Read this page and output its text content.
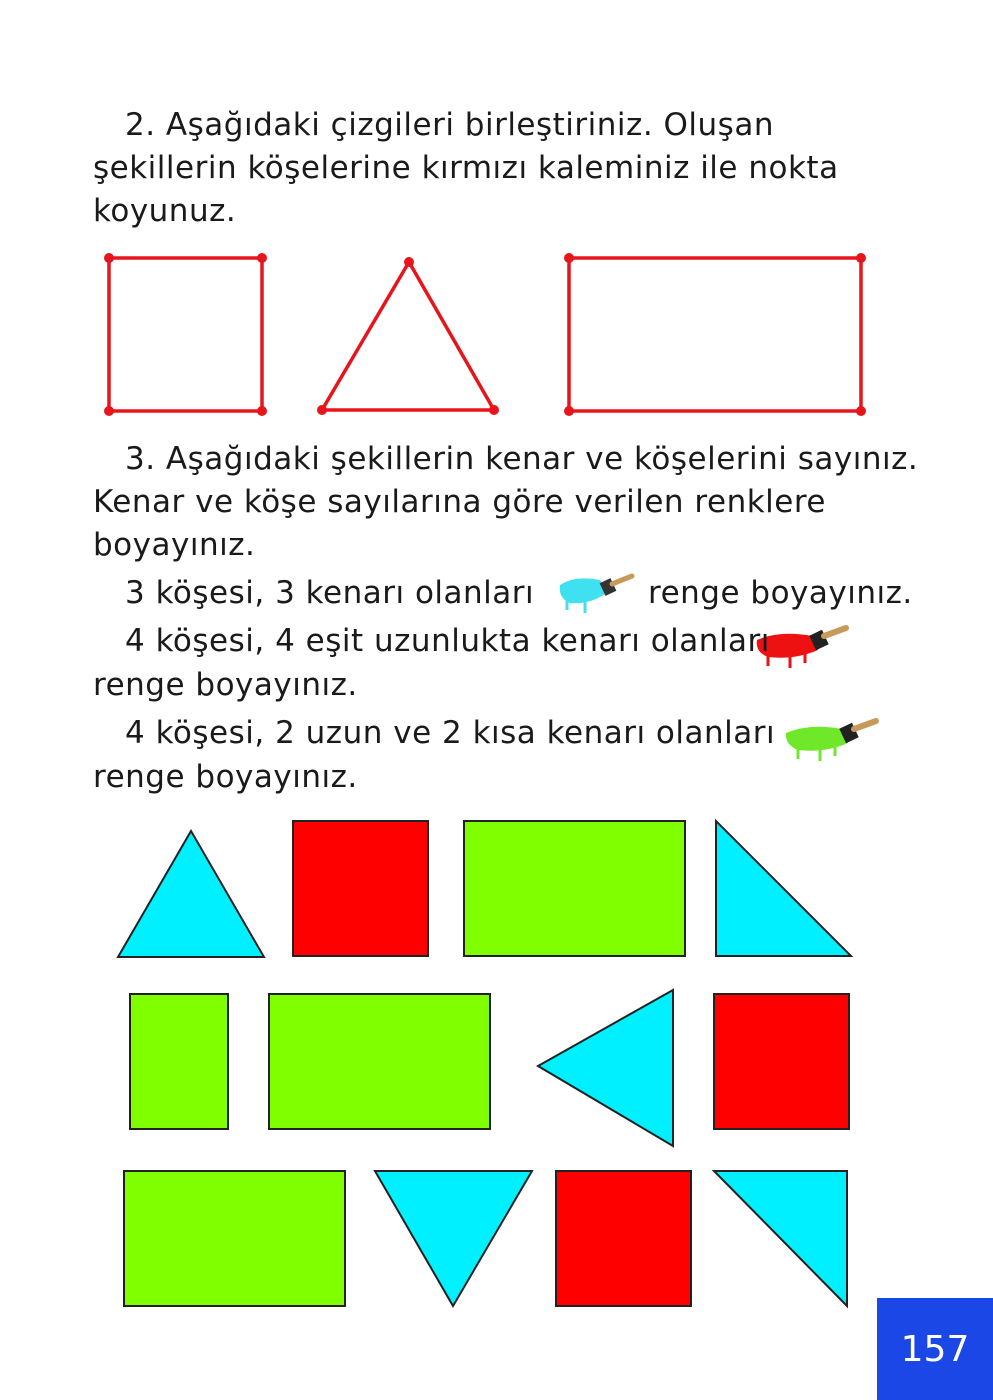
2. Aşağıdaki çizgileri birleştiriniz. Oluşan
şekillerin köşelerine kırmızı kaleminiz ile nokta
koyunuz.
3. Aşağıdaki şekillerin kenar ve köşelerini sayınız.
Kenar ve köşe sayılarına göre verilen renklere
boyayınız.
3 köşesi, 3 kenarı olanları	renge boyayınız.
4 köşesi, 4 eşit uzunlukta kenarı olanları
renge boyayınız.
4 köşesi, 2 uzun ve 2 kısa kenarı olanları
renge boyayınız.
157
